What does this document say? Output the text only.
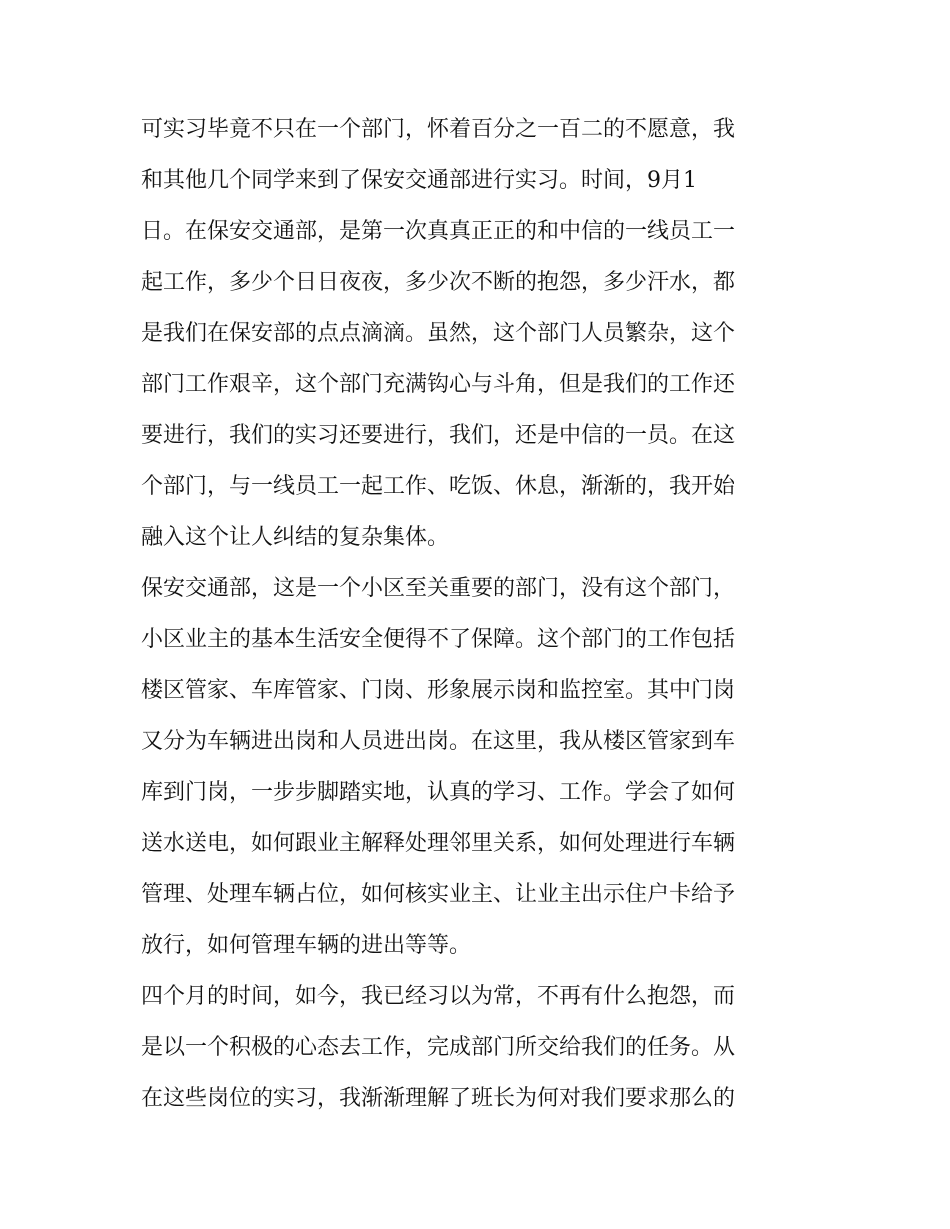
可实习毕竟不只在一个部门，怀着百分之一百二的不愿意，我
和其他几个同学来到了保安交通部进行实习。时间，9月1
日。在保安交通部，是第一次真真正正的和中信的一线员工一
起工作，多少个日日夜夜，多少次不断的抱怨，多少汗水，都
是我们在保安部的点点滴滴。虽然，这个部门人员繁杂，这个
部门工作艰辛，这个部门充满钩心与斗角，但是我们的工作还
要进行，我们的实习还要进行，我们，还是中信的一员。在这
个部门，与一线员工一起工作、吃饭、休息，渐渐的，我开始
融入这个让人纠结的复杂集体。
保安交通部，这是一个小区至关重要的部门，没有这个部门，
小区业主的基本生活安全便得不了保障。这个部门的工作包括
楼区管家、车库管家、门岗、形象展示岗和监控室。其中门岗
又分为车辆进出岗和人员进出岗。在这里，我从楼区管家到车
库到门岗，一步步脚踏实地，认真的学习、工作。学会了如何
送水送电，如何跟业主解释处理邻里关系，如何处理进行车辆
管理、处理车辆占位，如何核实业主、让业主出示住户卡给予
放行，如何管理车辆的进出等等。
四个月的时间，如今，我已经习以为常，不再有什么抱怨，而
是以一个积极的心态去工作，完成部门所交给我们的任务。从
在这些岗位的实习，我渐渐理解了班长为何对我们要求那么的
